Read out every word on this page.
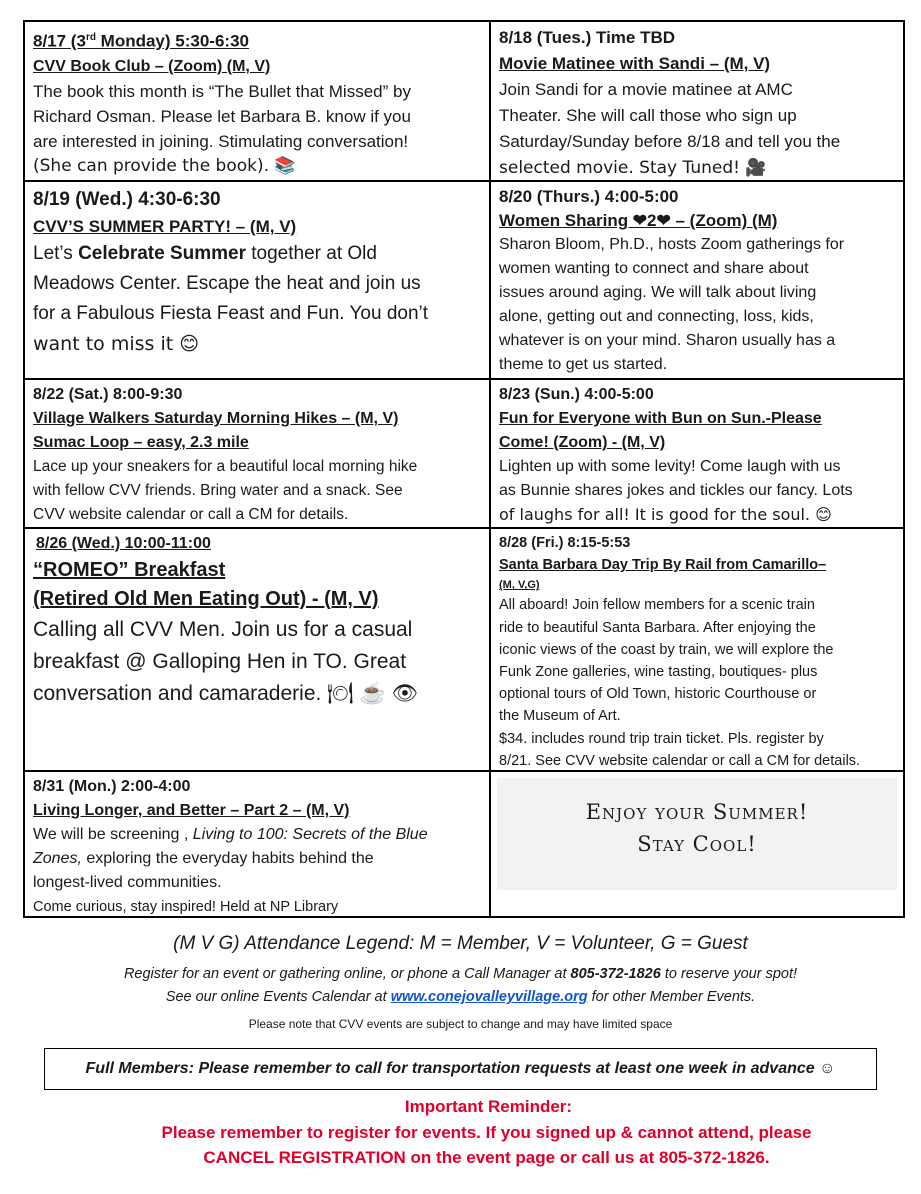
8/17 (3rd Monday) 5:30-6:30
CVV Book Club – (Zoom) (M, V)
The book this month is “The Bullet that Missed” by
Richard Osman. Please let Barbara B. know if you
are interested in joining. Stimulating conversation!
(She can provide the book). 📚
8/18 (Tues.) Time TBD
Movie Matinee with Sandi – (M, V)
Join Sandi for a movie matinee at AMC
Theater. She will call those who sign up
Saturday/Sunday before 8/18 and tell you the
selected movie. Stay Tuned! 🎥
8/19 (Wed.) 4:30-6:30
CVV’S SUMMER PARTY! – (M, V)
Let’s Celebrate Summer together at Old
Meadows Center. Escape the heat and join us
for a Fabulous Fiesta Feast and Fun. You don’t
want to miss it 😊
8/20 (Thurs.) 4:00-5:00
Women Sharing ❤2❤ – (Zoom) (M)
Sharon Bloom, Ph.D., hosts Zoom gatherings for
women wanting to connect and share about
issues around aging. We will talk about living
alone, getting out and connecting, loss, kids,
whatever is on your mind. Sharon usually has a
theme to get us started.
8/22 (Sat.) 8:00-9:30
Village Walkers Saturday Morning Hikes – (M, V)
Sumac Loop – easy, 2.3 mile
Lace up your sneakers for a beautiful local morning hike
with fellow CVV friends. Bring water and a snack. See
CVV website calendar or call a CM for details.
8/23 (Sun.) 4:00-5:00
Fun for Everyone with Bun on Sun.-Please
Come! (Zoom) - (M, V)
Lighten up with some levity! Come laugh with us
as Bunnie shares jokes and tickles our fancy. Lots
of laughs for all! It is good for the soul. 😊
8/26 (Wed.) 10:00-11:00
“ROMEO” Breakfast
(Retired Old Men Eating Out) - (M, V)
Calling all CVV Men. Join us for a casual
breakfast @ Galloping Hen in TO. Great
conversation and camaraderie. 🍽 ☕ 👁
8/28 (Fri.) 8:15-5:53
Santa Barbara Day Trip By Rail from Camarillo–
(M, V,G)
All aboard! Join fellow members for a scenic train
ride to beautiful Santa Barbara. After enjoying the
iconic views of the coast by train, we will explore the
Funk Zone galleries, wine tasting, boutiques- plus
optional tours of Old Town, historic Courthouse or
the Museum of Art.
$34. includes round trip train ticket. Pls. register by
8/21. See CVV website calendar or call a CM for details.
8/31 (Mon.) 2:00-4:00
Living Longer, and Better – Part 2 – (M, V)
We will be screening , Living to 100: Secrets of the Blue
Zones, exploring the everyday habits behind the
longest-lived communities.
Come curious, stay inspired! Held at NP Library
Enjoy your Summer!
Stay Cool!
(M V G) Attendance Legend: M = Member, V = Volunteer, G = Guest
Register for an event or gathering online, or phone a Call Manager at 805-372-1826 to reserve your spot!
See our online Events Calendar at www.conejovalleyvillage.org for other Member Events.
Please note that CVV events are subject to change and may have limited space
Full Members: Please remember to call for transportation requests at least one week in advance ☺
Important Reminder:
Please remember to register for events. If you signed up & cannot attend, please
CANCEL REGISTRATION on the event page or call us at 805-372-1826.
